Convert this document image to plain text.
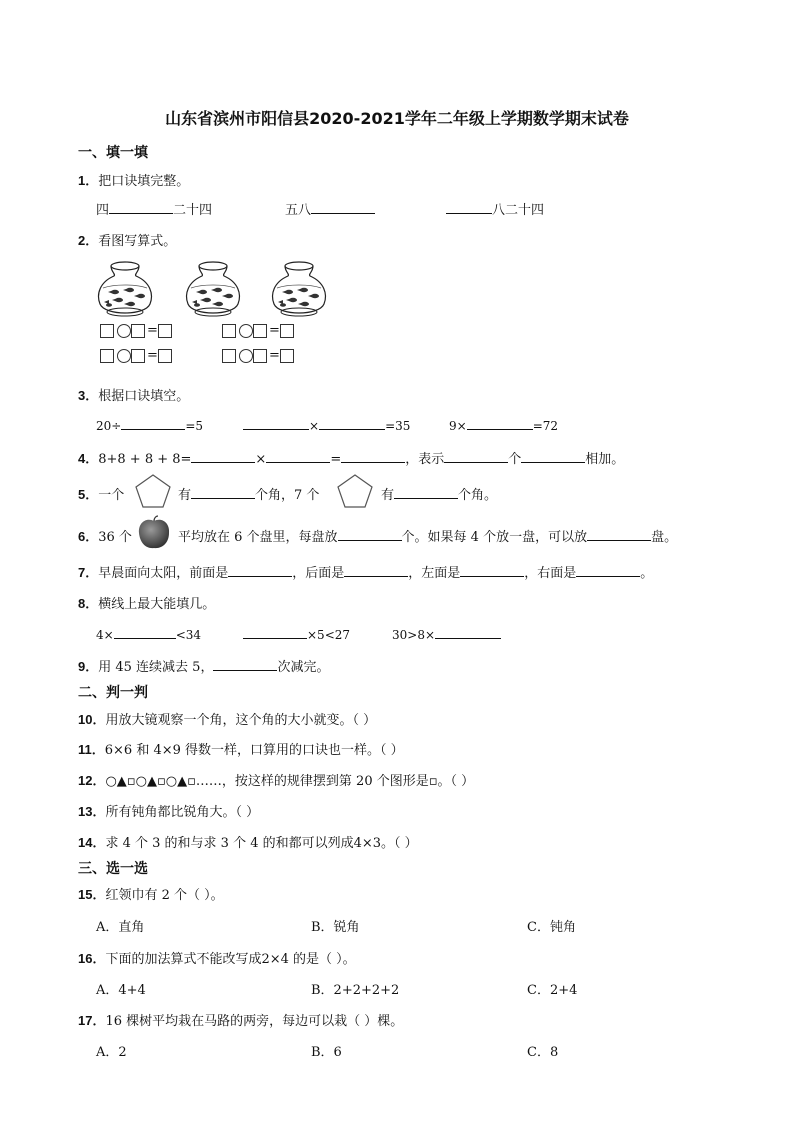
山东省滨州市阳信县2020-2021学年二年级上学期数学期末试卷
一、填一填
1．把口诀填完整。
四	二十四	五八	八二十四
2．看图写算式。
=	=
=	=
3．根据口诀填空。
20÷	=5	×	=35	9×	=72
4．8+8 + 8 + 8=	×	=	，表示	个	相加。
5．一个	有	个角，7 个	有	个角。
6．36 个	平均放在 6 个盘里，每盘放	个。如果每 4 个放一盘，可以放	盘。
7．早晨面向太阳，前面是	，后面是	，左面是	，右面是	。
8．横线上最大能填几。
4×	<34	×5<27	30>8×
9．用 45 连续减去 5，	次减完。
二、判一判
10．用放大镜观察一个角，这个角的大小就变。（ ）
11．6×6 和 4×9 得数一样，口算用的口诀也一样。（ ）
12．○▲▫○▲▫○▲▫……，按这样的规律摆到第 20 个图形是▫。（ ）
13．所有钝角都比锐角大。（ ）
14．求 4 个 3 的和与求 3 个 4 的和都可以列成4×3。（ ）
三、选一选
15．红领巾有 2 个（ ）。
A．直角	B．锐角	C．钝角
16．下面的加法算式不能改写成2×4 的是（ ）。
A．4+4	B．2+2+2+2	C．2+4
17．16 棵树平均栽在马路的两旁，每边可以栽（ ）棵。
A．2	B．6	C．8
